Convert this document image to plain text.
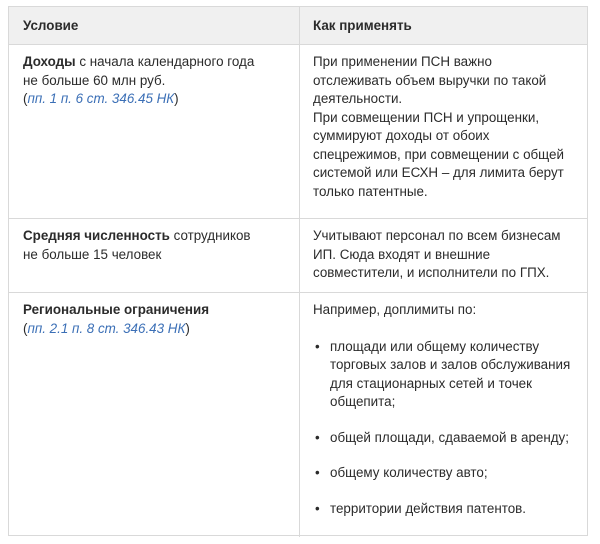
Условие	Как применять
Доходы с начала календарного года не больше 60 млн руб.
(пп. 1 п. 6 ст. 346.45 НК)
При применении ПСН важно
отслеживать объем выручки по такой
деятельности.
При совмещении ПСН и упрощенки,
суммируют доходы от обоих
спецрежимов, при совмещении с общей
системой или ЕСХН – для лимита берут
только патентные.
Средняя численность сотрудников не больше 15 человек
Учитывают персонал по всем бизнесам
ИП. Сюда входят и внешние
совместители, и исполнители по ГПХ.
Региональные ограничения
(пп. 2.1 п. 8 ст. 346.43 НК)
Например, доплимиты по:
• площади или общему количеству торговых залов и залов обслуживания для стационарных сетей и точек общепита;
• общей площади, сдаваемой в аренду;
• общему количеству авто;
• территории действия патентов.
